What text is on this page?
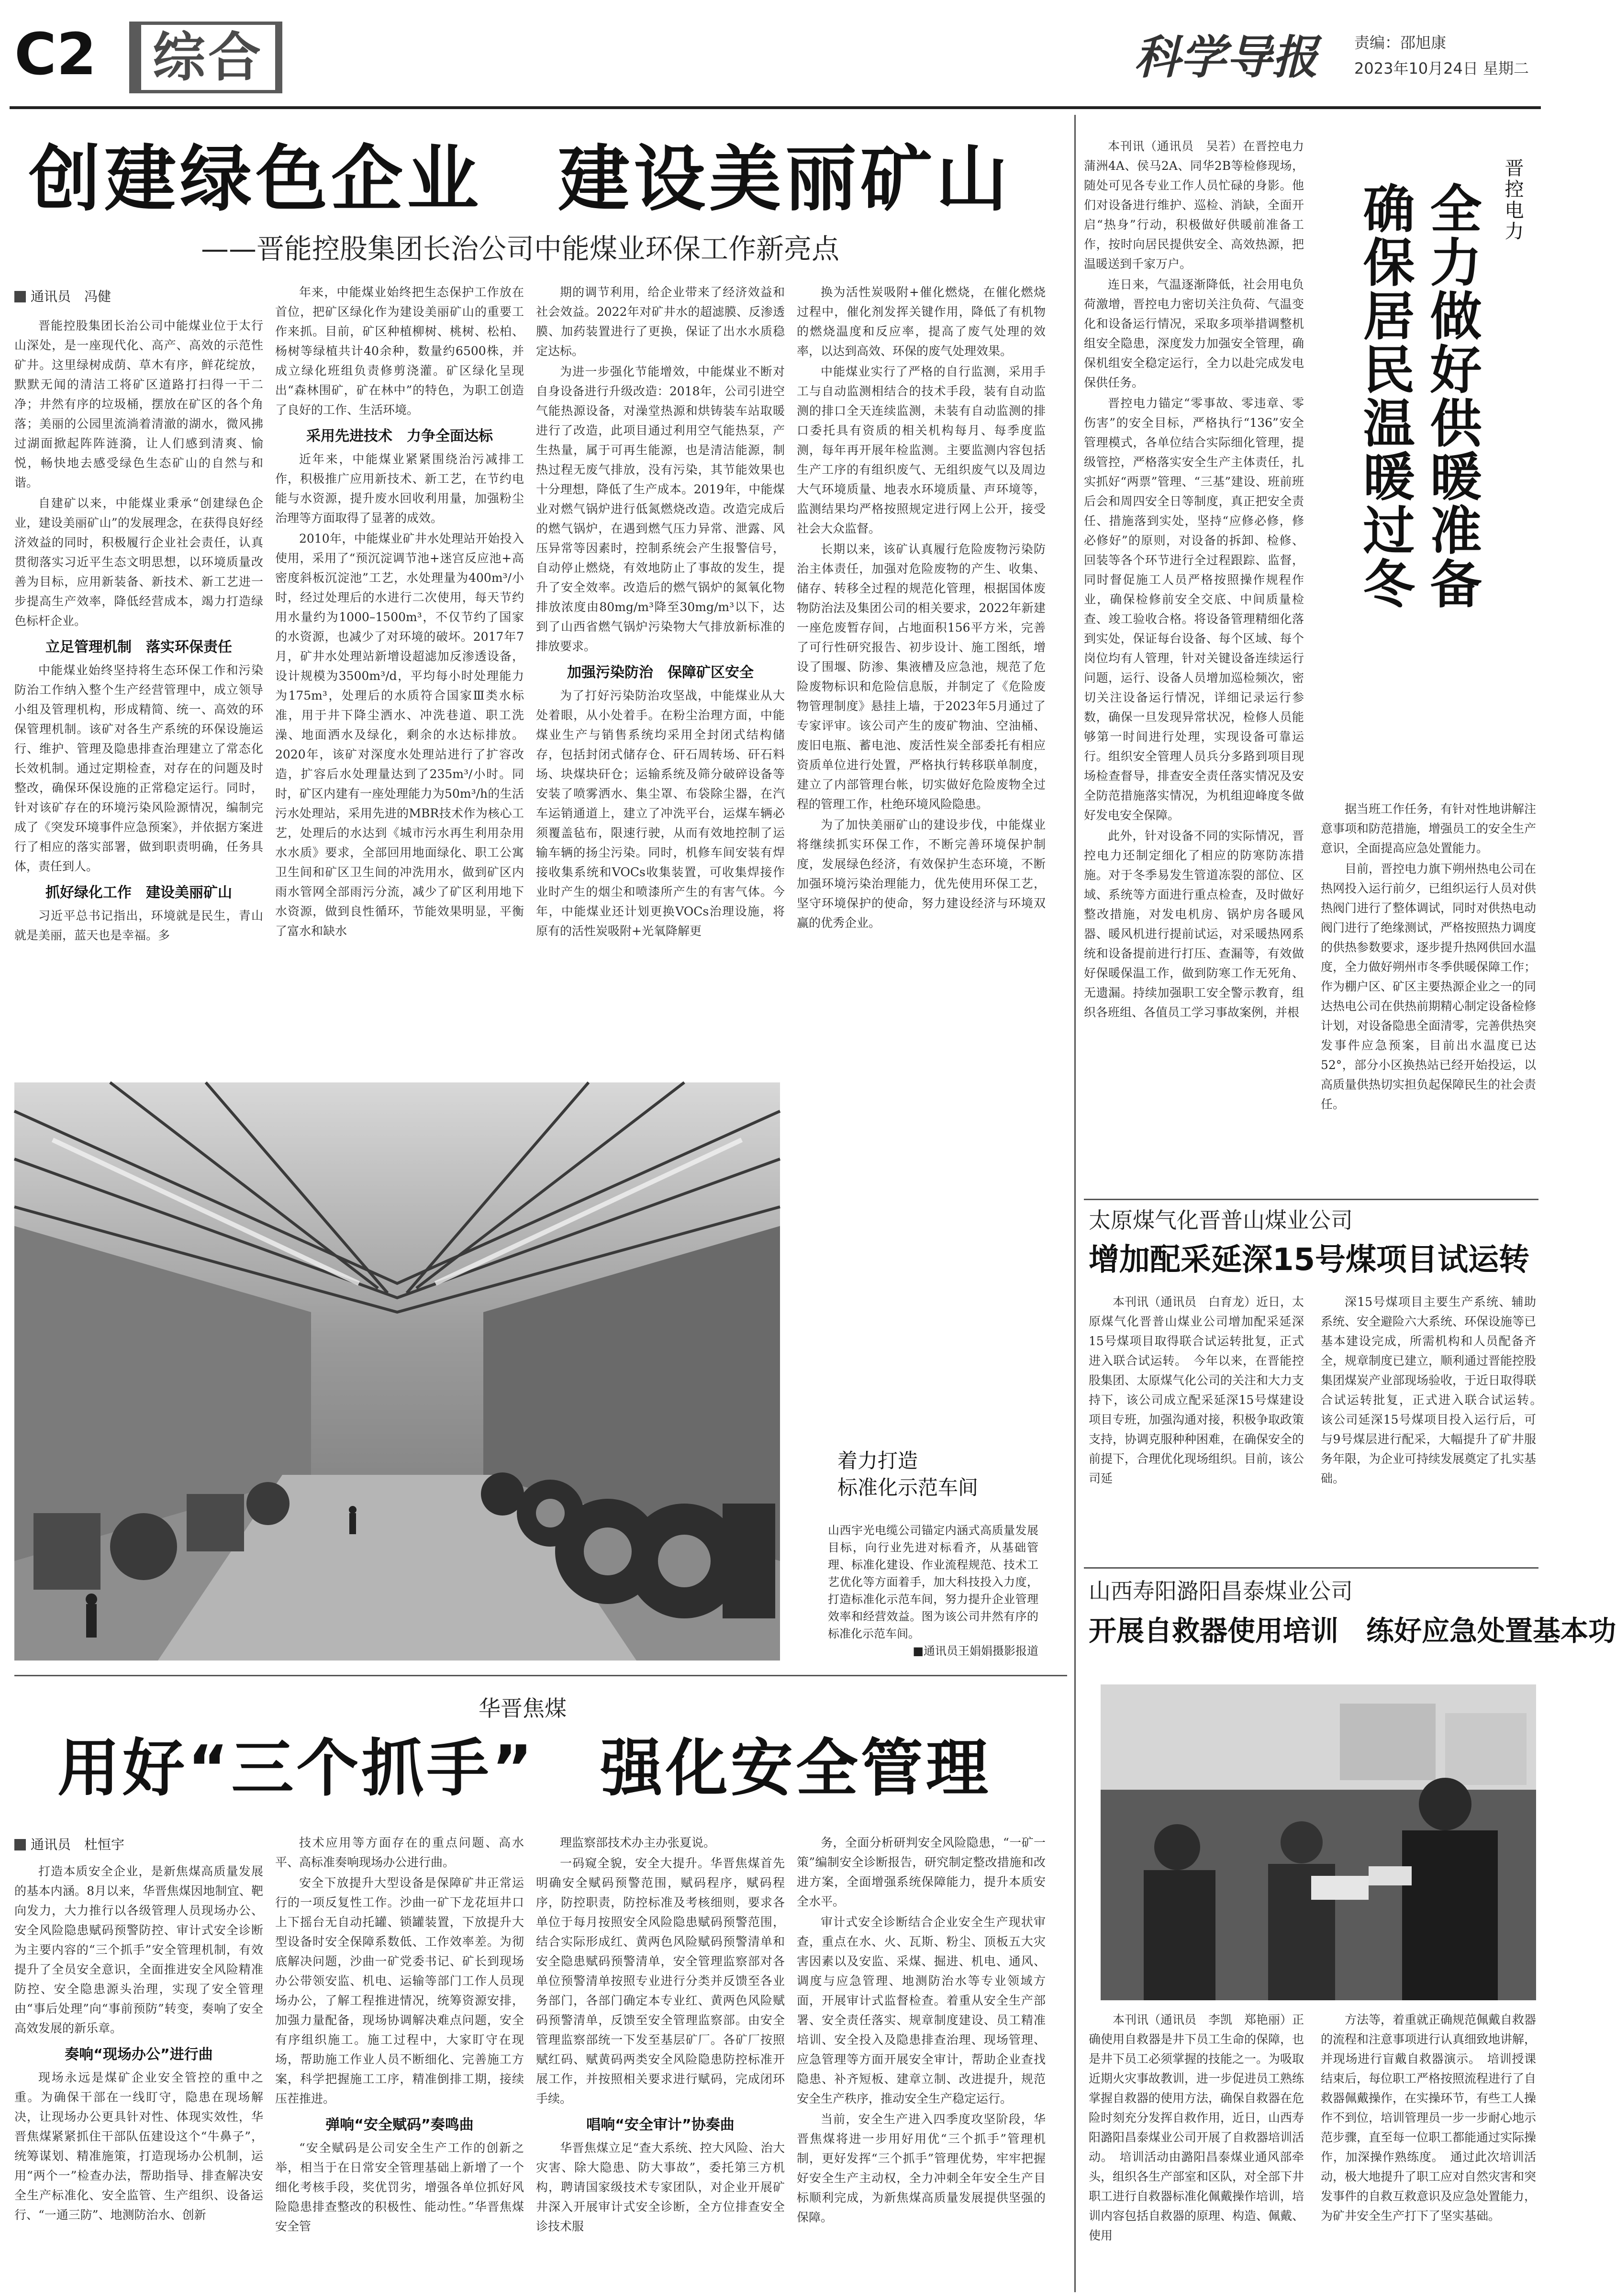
C2 综合	科学导报	责编：邵旭康
2023年10月24日 星期二
创建绿色企业　建设美丽矿山
——晋能控股集团长治公司中能煤业环保工作新亮点
通讯员　冯健

晋能控股集团长治公司中能煤业位于太行山深处，是一座现代化、高产、高效的示范性矿井。这里绿树成荫、草木有序，鲜花绽放，默默无闻的清洁工将矿区道路打扫得一干二净；井然有序的垃圾桶，摆放在矿区的各个角落；美丽的公园里流淌着清澈的湖水，微风拂过湖面掀起阵阵涟漪，让人们感到清爽、愉悦，畅快地去感受绿色生态矿山的自然与和谐。

自建矿以来，中能煤业秉承“创建绿色企业，建设美丽矿山”的发展理念，在获得良好经济效益的同时，积极履行企业社会责任，认真贯彻落实习近平生态文明思想，以环境质量改善为目标，应用新装备、新技术、新工艺进一步提高生产效率，降低经营成本，竭力打造绿色标杆企业。

立足管理机制　落实环保责任

中能煤业始终坚持将生态环保工作和污染防治工作纳入整个生产经营管理中，成立领导小组及管理机构，形成精简、统一、高效的环保管理机制。该矿对各生产系统的环保设施运行、维护、管理及隐患排查治理建立了常态化长效机制。通过定期检查，对存在的问题及时整改，确保环保设施的正常稳定运行。同时，针对该矿存在的环境污染风险源情况，编制完成了《突发环境事件应急预案》，并依据方案进行了相应的落实部署，做到职责明确，任务具体，责任到人。

抓好绿化工作　建设美丽矿山

习近平总书记指出，环境就是民生，青山就是美丽，蓝天也是幸福。多

年来，中能煤业始终把生态保护工作放在首位，把矿区绿化作为建设美丽矿山的重要工作来抓。目前，矿区种植柳树、桃树、松柏、杨树等绿植共计40余种，数量约6500株，并成立绿化班组负责修剪浇灌。矿区绿化呈现出“森林围矿，矿在林中”的特色，为职工创造了良好的工作、生活环境。

采用先进技术　力争全面达标

近年来，中能煤业紧紧围绕治污减排工作，积极推广应用新技术、新工艺，在节约电能与水资源，提升废水回收利用量，加强粉尘治理等方面取得了显著的成效。

2010年，中能煤业矿井水处理站开始投入使用，采用了“预沉淀调节池+迷宫反应池+高密度斜板沉淀池”工艺，水处理量为400m³/小时，经过处理后的水进行二次使用，每天节约用水量约为1000–1500m³，不仅节约了国家的水资源，也减少了对环境的破坏。2017年7月，矿井水处理站新增设超滤加反渗透设备，设计规模为3500m³/d，平均每小时处理能力为175m³，处理后的水质符合国家Ⅲ类水标准，用于井下降尘洒水、冲洗巷道、职工洗澡、地面洒水及绿化，剩余的水达标排放。2020年，该矿对深度水处理站进行了扩容改造，扩容后水处理量达到了235m³/小时。同时，矿区内建有一座处理能力为50m³/h的生活污水处理站，采用先进的MBR技术作为核心工艺，处理后的水达到《城市污水再生利用杂用水水质》要求，全部回用地面绿化、职工公寓卫生间和矿区卫生间的冲洗用水，做到矿区内雨水管网全部雨污分流，减少了矿区利用地下水资源，做到良性循环，节能效果明显，平衡了富水和缺水

期的调节利用，给企业带来了经济效益和社会效益。2022年对矿井水的超滤膜、反渗透膜、加药装置进行了更换，保证了出水水质稳定达标。

为进一步强化节能增效，中能煤业不断对自身设备进行升级改造：2018年，公司引进空气能热源设备，对澡堂热源和烘铸装车站取暖进行了改造，此项目通过利用空气能热泵，产生热量，属于可再生能源，也是清洁能源，制热过程无废气排放，没有污染，其节能效果也十分理想，降低了生产成本。2019年，中能煤业对燃气锅炉进行低氮燃烧改造。改造完成后的燃气锅炉，在遇到燃气压力异常、泄露、风压异常等因素时，控制系统会产生报警信号，自动停止燃烧，有效地防止了事故的发生，提升了安全效率。改造后的燃气锅炉的氮氧化物排放浓度由80mg/m³降至30mg/m³以下，达到了山西省燃气锅炉污染物大气排放新标准的排放要求。

加强污染防治　保障矿区安全

为了打好污染防治攻坚战，中能煤业从大处着眼，从小处着手。在粉尘治理方面，中能煤业生产与销售系统均采用全封闭式结构储存，包括封闭式储存仓、矸石周转场、矸石料场、块煤块矸仓；运输系统及筛分破碎设备等安装了喷雾洒水、集尘罩、布袋除尘器，在汽车运销通道上，建立了冲洗平台，运煤车辆必须覆盖毡布，限速行驶，从而有效地控制了运输车辆的扬尘污染。同时，机修车间安装有焊接收集系统和VOCs收集装置，可收集焊接作业时产生的烟尘和喷漆所产生的有害气体。今年，中能煤业还计划更换VOCs治理设施，将原有的活性炭吸附+光氧降解更

换为活性炭吸附+催化燃烧，在催化燃烧过程中，催化剂发挥关键作用，降低了有机物的燃烧温度和反应率，提高了废气处理的效率，以达到高效、环保的废气处理效果。

中能煤业实行了严格的自行监测，采用手工与自动监测相结合的技术手段，装有自动监测的排口全天连续监测，未装有自动监测的排口委托具有资质的相关机构每月、每季度监测，每年再开展年检监测。主要监测内容包括生产工序的有组织废气、无组织废气以及周边大气环境质量、地表水环境质量、声环境等，监测结果均严格按照规定进行网上公开，接受社会大众监督。

长期以来，该矿认真履行危险废物污染防治主体责任，加强对危险废物的产生、收集、储存、转移全过程的规范化管理，根据国体废物防治法及集团公司的相关要求，2022年新建一座危废暂存间，占地面积156平方米，完善了可行性研究报告、初步设计、施工图纸，增设了围堰、防渗、集液槽及应急池，规范了危险废物标识和危险信息版，并制定了《危险废物管理制度》悬挂上墙，于2023年5月通过了专家评审。该公司产生的废矿物油、空油桶、废旧电瓶、蓄电池、废活性炭全部委托有相应资质单位进行处置，严格执行转移联单制度，建立了内部管理台帐，切实做好危险废物全过程的管理工作，杜绝环境风险隐患。

为了加快美丽矿山的建设步伐，中能煤业将继续抓实环保工作，不断完善环境保护制度，发展绿色经济，有效保护生态环境，不断加强环境污染治理能力，优先使用环保工艺，坚守环境保护的使命，努力建设经济与环境双赢的优秀企业。

着力打造
标准化示范车间

山西宇光电缆公司锚定内涵式高质量发展目标，向行业先进对标看齐，从基础管理、标准化建设、作业流程规范、技术工艺优化等方面着手，加大科技投入力度，打造标准化示范车间，努力提升企业管理效率和经营效益。图为该公司井然有序的标准化示范车间。

■通讯员王娟娟摄影报道

晋控电力
全力做好供暖准备
确保居民温暖过冬

本刊讯（通讯员　吴若）在晋控电力蒲洲4A、侯马2A、同华2B等检修现场，随处可见各专业工作人员忙碌的身影。他们对设备进行维护、巡检、消缺，全面开启“热身”行动，积极做好供暖前准备工作，按时向居民提供安全、高效热源，把温暖送到千家万户。

连日来，气温逐渐降低，社会用电负荷激增，晋控电力密切关注负荷、气温变化和设备运行情况，采取多项举措调整机组安全隐患，深度发力加强安全管理，确保机组安全稳定运行，全力以赴完成发电保供任务。

晋控电力锚定“零事故、零违章、零伤害”的安全目标，严格执行“136”安全管理模式，各单位结合实际细化管理，提级管控，严格落实安全生产主体责任，扎实抓好“两票”管理、“三基”建设、班前班后会和周四安全日等制度，真正把安全责任、措施落到实处，坚持“应修必修，修必修好”的原则，对设备的拆卸、检修、回装等各个环节进行全过程跟踪、监督，同时督促施工人员严格按照操作规程作业，确保检修前安全交底、中间质量检查、竣工验收合格。将设备管理精细化落到实处，保证每台设备、每个区域、每个岗位均有人管理，针对关键设备连续运行问题，运行、设备人员增加巡检频次，密切关注设备运行情况，详细记录运行参数，确保一旦发现异常状况，检修人员能够第一时间进行处理，实现设备可靠运行。组织安全管理人员兵分多路到项目现场检查督导，排查安全责任落实情况及安全防范措施落实情况，为机组迎峰度冬做好发电安全保障。

此外，针对设备不同的实际情况，晋控电力还制定细化了相应的防寒防冻措施。对于冬季易发生管道冻裂的部位、区域、系统等方面进行重点检查，及时做好整改措施，对发电机房、锅炉房各暖风器、暖风机进行提前试运，对采暖热网系统和设备提前进行打压、查漏等，有效做好保暖保温工作，做到防寒工作无死角、无遗漏。持续加强职工安全警示教育，组织各班组、各值员工学习事故案例，并根

据当班工作任务，有针对性地讲解注意事项和防范措施，增强员工的安全生产意识，全面提高应急处置能力。

目前，晋控电力旗下朔州热电公司在热网投入运行前夕，已组织运行人员对供热阀门进行了整体调试，同时对供热电动阀门进行了绝缘测试，严格按照热力调度的供热参数要求，逐步提升热网供回水温度，全力做好朔州市冬季供暖保障工作；作为棚户区、矿区主要热源企业之一的同达热电公司在供热前期精心制定设备检修计划，对设备隐患全面清零，完善供热突发事件应急预案，目前出水温度已达52°，部分小区换热站已经开始投运，以高质量供热切实担负起保障民生的社会责任。

太原煤气化晋普山煤业公司
增加配采延深15号煤项目试运转

本刊讯（通讯员　白育龙）近日，太原煤气化晋普山煤业公司增加配采延深15号煤项目取得联合试运转批复，正式进入联合试运转。　今年以来，在晋能控股集团、太原煤气化公司的关注和大力支持下，该公司成立配采延深15号煤建设项目专班，加强沟通对接，积极争取政策支持，协调克服种种困难，在确保安全的前提下，合理优化现场组织。目前，该公司延

深15号煤项目主要生产系统、辅助系统、安全避险六大系统、环保设施等已基本建设完成，所需机构和人员配备齐全，规章制度已建立，顺利通过晋能控股集团煤炭产业部现场验收，于近日取得联合试运转批复，正式进入联合试运转。　该公司延深15号煤项目投入运行后，可与9号煤层进行配采，大幅提升了矿井服务年限，为企业可持续发展奠定了扎实基础。

山西寿阳潞阳昌泰煤业公司
开展自救器使用培训　练好应急处置基本功

本刊讯（通讯员　李凯　郑艳丽）正确使用自救器是井下员工生命的保障，也是井下员工必须掌握的技能之一。为吸取近期火灾事故教训，进一步促进员工熟练掌握自救器的使用方法，确保自救器在危险时刻充分发挥自救作用，近日，山西寿阳潞阳昌泰煤业公司开展了自救器培训活动。　培训活动由潞阳昌泰煤业通风部牵头，组织各生产部室和区队，对全部下井职工进行自救器标准化佩戴操作培训，培训内容包括自救器的原理、构造、佩戴、使用

方法等，着重就正确规范佩戴自救器的流程和注意事项进行认真细致地讲解，并现场进行盲戴自救器演示。　培训授课结束后，每位职工严格按照流程进行了自救器佩戴操作，在实操环节，有些工人操作不到位，培训管理员一步一步耐心地示范步骤，直至每一位职工都能通过实际操作，加深操作熟练度。　通过此次培训活动，极大地提升了职工应对自然灾害和突发事件的自救互救意识及应急处置能力，为矿井安全生产打下了坚实基础。

华晋焦煤
用好“三个抓手”　强化安全管理
通讯员　杜恒宇

打造本质安全企业，是新焦煤高质量发展的基本内涵。8月以来，华晋焦煤因地制宜、靶向发力，大力推行以各级管理人员现场办公、安全风险隐患赋码预警防控、审计式安全诊断为主要内容的“三个抓手”安全管理机制，有效提升了全员安全意识，全面推进安全风险精准防控、安全隐患源头治理，实现了安全管理由“事后处理”向“事前预防”转变，奏响了安全高效发展的新乐章。

奏响“现场办公”进行曲

现场永远是煤矿企业安全管控的重中之重。为确保干部在一线盯守，隐患在现场解决，让现场办公更具针对性、体现实效性，华晋焦煤紧紧抓住干部队伍建设这个“牛鼻子”，统筹谋划、精准施策，打造现场办公机制，运用“两个一”检查办法，帮助指导、排查解决安全生产标准化、安全监管、生产组织、设备运行、“一通三防”、地测防治水、创新

技术应用等方面存在的重点问题、高水平、高标准奏响现场办公进行曲。

安全下放提升大型设备是保障矿井正常运行的一项反复性工作。沙曲一矿下龙花垣井口上下摇台无自动托罐、锁罐装置，下放提升大型设备时安全保障系数低、工作效率差。为彻底解决问题，沙曲一矿党委书记、矿长到现场办公带领安监、机电、运输等部门工作人员现场办公，了解工程推进情况，统筹资源安排，加强力量配备，现场协调解决难点问题，安全有序组织施工。施工过程中，大家盯守在现场，帮助施工作业人员不断细化、完善施工方案，科学把握施工工序，精准倒排工期，接续压茬推进。

弹响“安全赋码”奏鸣曲

“安全赋码是公司安全生产工作的创新之举，相当于在日常安全管理基础上新增了一个细化考核手段，奖优罚劣，增强各单位抓好风险隐患排查整改的积极性、能动性。”华晋焦煤安全管

理监察部技术办主办张夏说。

一码窥全貌，安全大提升。华晋焦煤首先明确安全赋码预警范围，赋码程序，赋码程序，防控职责，防控标准及考核细则，要求各单位于每月按照安全风险隐患赋码预警范围，结合实际形成红、黄两色风险赋码预警清单和安全隐患赋码预警清单，安全管理监察部对各单位预警清单按照专业进行分类并反馈至各业务部门，各部门确定本专业红、黄两色风险赋码预警清单，反馈至安全管理监察部。由安全管理监察部统一下发至基层矿厂。各矿厂按照赋红码、赋黄码两类安全风险隐患防控标准开展工作，并按照相关要求进行赋码，完成闭环手续。

唱响“安全审计”协奏曲

华晋焦煤立足“查大系统、控大风险、治大灾害、除大隐患、防大事故”，委托第三方机构，聘请国家级技术专家团队，对企业开展矿井深入开展审计式安全诊断，全方位排查安全诊技术服

务，全面分析研判安全风险隐患，“一矿一策”编制安全诊断报告，研究制定整改措施和改进方案，全面增强系统保障能力，提升本质安全水平。

审计式安全诊断结合企业安全生产现状审查，重点在水、火、瓦斯、粉尘、顶板五大灾害因素以及安监、采煤、掘进、机电、通风、调度与应急管理、地测防治水等专业领域方面，开展审计式监督检查。着重从安全生产部署、安全责任落实、规章制度建设、员工精准培训、安全投入及隐患排查治理、现场管理、应急管理等方面开展安全审计，帮助企业查找隐患、补齐短板、建章立制、改进提升，规范安全生产秩序，推动安全生产稳定运行。

当前，安全生产进入四季度攻坚阶段，华晋焦煤将进一步用好用优“三个抓手”管理机制，更好发挥“三个抓手”管理优势，牢牢把握好安全生产主动权，全力冲刺全年安全生产目标顺利完成，为新焦煤高质量发展提供坚强的保障。
